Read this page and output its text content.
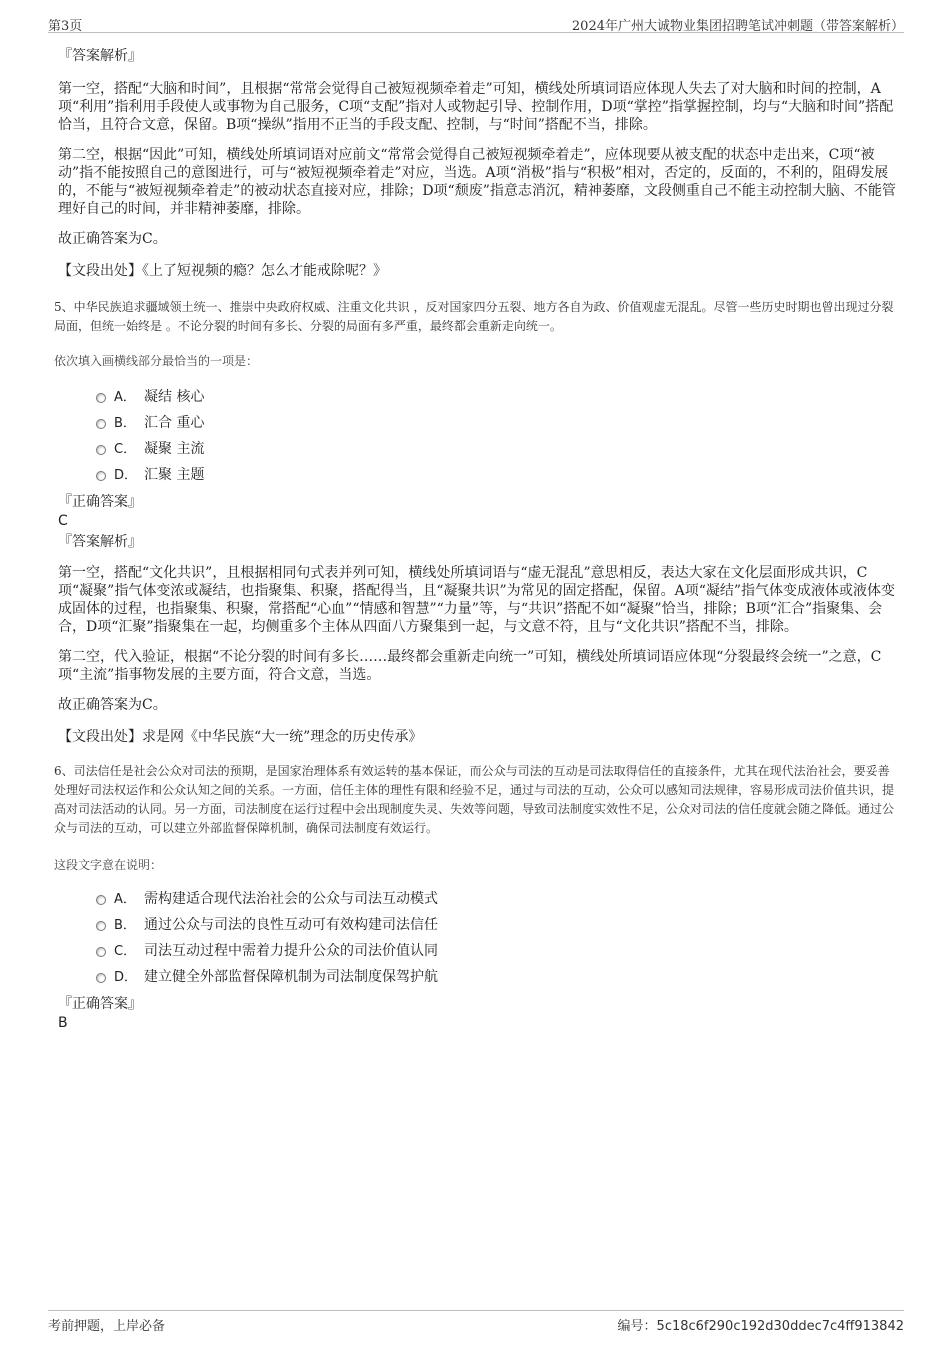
第3页	2024年广州大诚物业集团招聘笔试冲刺题（带答案解析）
『答案解析』

第一空，搭配“大脑和时间”，且根据“常常会觉得自己被短视频牵着走”可知，横线处所填词语应体现人失去了对大脑和时间的控制，A项“利用”指利用手段使人或事物为自己服务，C项“支配”指对人或物起引导、控制作用，D项“掌控”指掌握控制，均与“大脑和时间”搭配恰当，且符合文意，保留。B项“操纵”指用不正当的手段支配、控制，与“时间”搭配不当，排除。

第二空，根据“因此”可知，横线处所填词语对应前文“常常会觉得自己被短视频牵着走”，应体现要从被支配的状态中走出来，C项“被动”指不能按照自己的意图进行，可与“被短视频牵着走”对应，当选。A项“消极”指与“积极”相对，否定的，反面的，不利的，阻碍发展的，不能与“被短视频牵着走”的被动状态直接对应，排除；D项“颓废”指意志消沉，精神萎靡，文段侧重自己不能主动控制大脑、不能管理好自己的时间，并非精神萎靡，排除。

故正确答案为C。

【文段出处】《上了短视频的瘾？怎么才能戒除呢？》

5、中华民族追求疆域领土统一、推崇中央政府权威、注重文化共识 ，反对国家四分五裂、地方各自为政、价值观虚无混乱。尽管一些历史时期也曾出现过分裂局面，但统一始终是 。不论分裂的时间有多长、分裂的局面有多严重，最终都会重新走向统一。

依次填入画横线部分最恰当的一项是：

A． 凝结 核心
B． 汇合 重心
C． 凝聚 主流
D． 汇聚 主题
『正确答案』
C
『答案解析』

第一空，搭配“文化共识”，且根据相同句式表并列可知，横线处所填词语与“虚无混乱”意思相反，表达大家在文化层面形成共识，C项“凝聚”指气体变浓或凝结，也指聚集、积聚，搭配得当，且“凝聚共识”为常见的固定搭配，保留。A项“凝结”指气体变成液体或液体变成固体的过程，也指聚集、积聚，常搭配“心血”“情感和智慧”“力量”等，与“共识”搭配不如“凝聚”恰当，排除；B项“汇合”指聚集、会合，D项“汇聚”指聚集在一起，均侧重多个主体从四面八方聚集到一起，与文意不符，且与“文化共识”搭配不当，排除。

第二空，代入验证，根据“不论分裂的时间有多长……最终都会重新走向统一”可知，横线处所填词语应体现“分裂最终会统一”之意，C项“主流”指事物发展的主要方面，符合文意，当选。

故正确答案为C。

【文段出处】求是网《中华民族“大一统”理念的历史传承》

6、司法信任是社会公众对司法的预期，是国家治理体系有效运转的基本保证，而公众与司法的互动是司法取得信任的直接条件，尤其在现代法治社会，要妥善处理好司法权运作和公众认知之间的关系。一方面，信任主体的理性有限和经验不足，通过与司法的互动，公众可以感知司法规律，容易形成司法价值共识，提高对司法活动的认同。另一方面，司法制度在运行过程中会出现制度失灵、失效等问题，导致司法制度实效性不足，公众对司法的信任度就会随之降低。通过公众与司法的互动，可以建立外部监督保障机制，确保司法制度有效运行。

这段文字意在说明：

A． 需构建适合现代法治社会的公众与司法互动模式
B． 通过公众与司法的良性互动可有效构建司法信任
C． 司法互动过程中需着力提升公众的司法价值认同
D． 建立健全外部监督保障机制为司法制度保驾护航
『正确答案』
B
考前押题，上岸必备	编号：5c18c6f290c192d30ddec7c4ff913842
